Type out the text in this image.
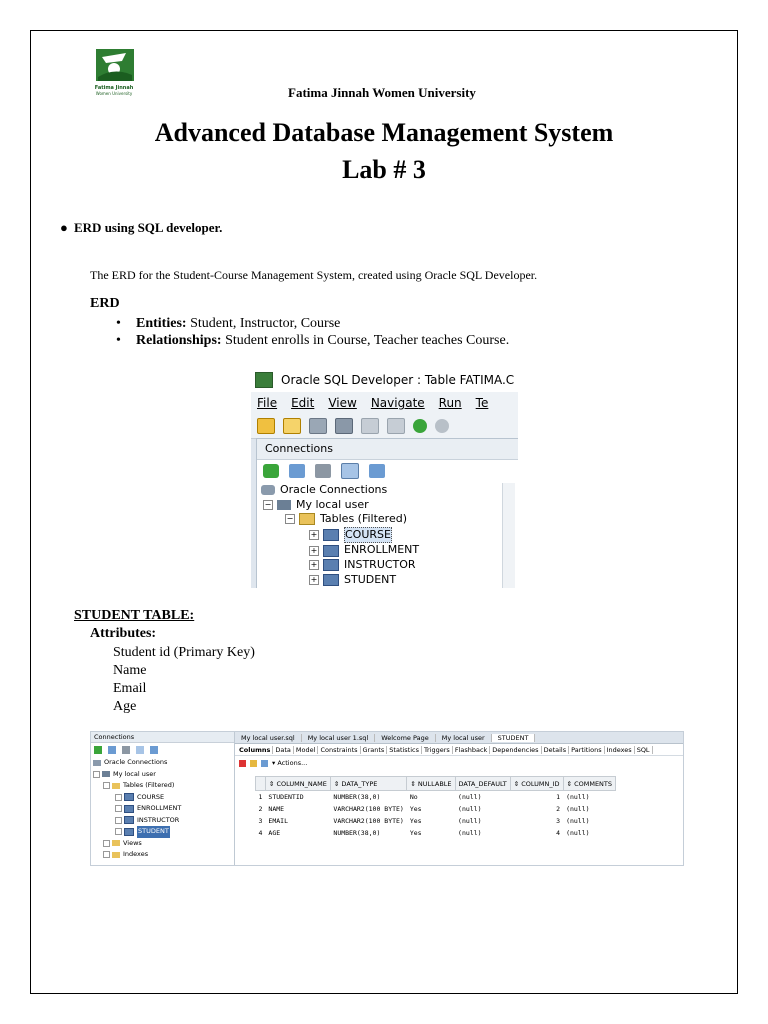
Fatima Jinnah
Women University	Fatima Jinnah Women University
Advanced Database Management System
Lab # 3
● ERD using SQL developer.
The ERD for the Student-Course Management System, created using Oracle SQL Developer.
ERD
• Entities: Student, Instructor, Course
• Relationships: Student enrolls in Course, Teacher teaches Course.
Oracle SQL Developer : Table FATIMA.C
File Edit View Navigate Run Te
Connections
Oracle Connections
− My local user
− Tables (Filtered)
+	COURSE
+ ENROLLMENT
+ INSTRUCTOR
+ STUDENT
STUDENT TABLE:
Attributes:
Student id (Primary Key)
Name
Email
Age
Connections
Oracle Connections
My local user
Tables (Filtered)
COURSE
ENROLLMENT
INSTRUCTOR
STUDENT
Views
Indexes
My local user.sql	My local user 1.sql	Welcome Page	My local user	STUDENT
Columns Data Model Constraints Grants Statistics Triggers Flashback Dependencies Details Partitions Indexes SQL
▾ Actions...
	⇕ COLUMN_NAME	⇕ DATA_TYPE	⇕ NULLABLE	DATA_DEFAULT	⇕ COLUMN_ID	⇕ COMMENTS
1	STUDENTID	NUMBER(38,0)	No	(null)	1	(null)
2	NAME	VARCHAR2(100 BYTE)	Yes	(null)	2	(null)
3	EMAIL	VARCHAR2(100 BYTE)	Yes	(null)	3	(null)
4	AGE	NUMBER(38,0)	Yes	(null)	4	(null)
